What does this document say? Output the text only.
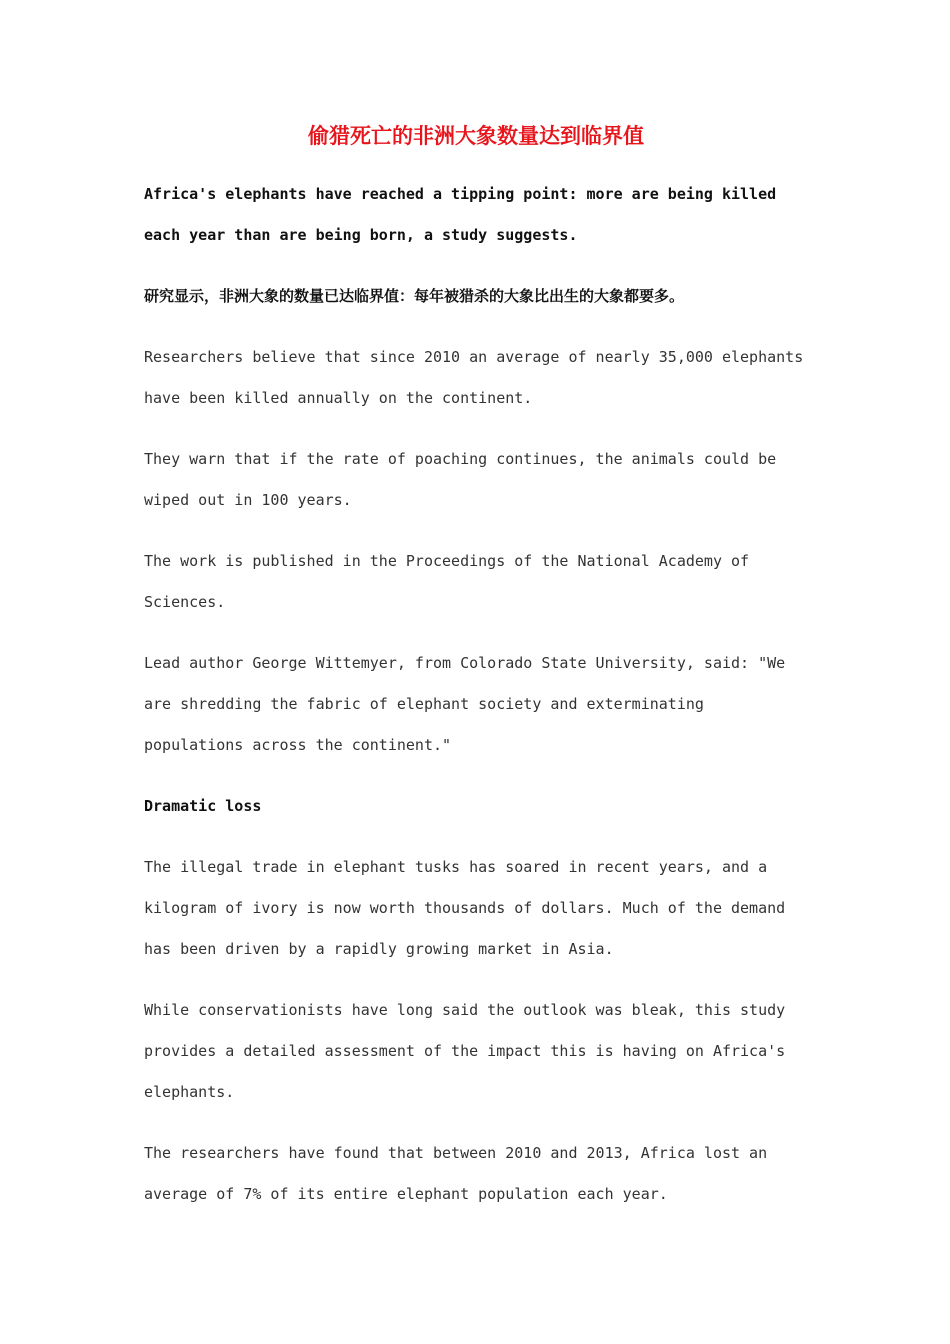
偷猎死亡的非洲大象数量达到临界值
Africa's elephants have reached a tipping point: more are being killed each year than are being born, a study suggests.
研究显示，非洲大象的数量已达临界值：每年被猎杀的大象比出生的大象都要多。
Researchers believe that since 2010 an average of nearly 35,000 elephants have been killed annually on the continent.
They warn that if the rate of poaching continues, the animals could be wiped out in 100 years.
The work is published in the Proceedings of the National Academy of Sciences.
Lead author George Wittemyer, from Colorado State University, said: "We are shredding the fabric of elephant society and exterminating populations across the continent."
Dramatic loss
The illegal trade in elephant tusks has soared in recent years, and a kilogram of ivory is now worth thousands of dollars. Much of the demand has been driven by a rapidly growing market in Asia.
While conservationists have long said the outlook was bleak, this study provides a detailed assessment of the impact this is having on Africa's elephants.
The researchers have found that between 2010 and 2013, Africa lost an average of 7% of its entire elephant population each year.
